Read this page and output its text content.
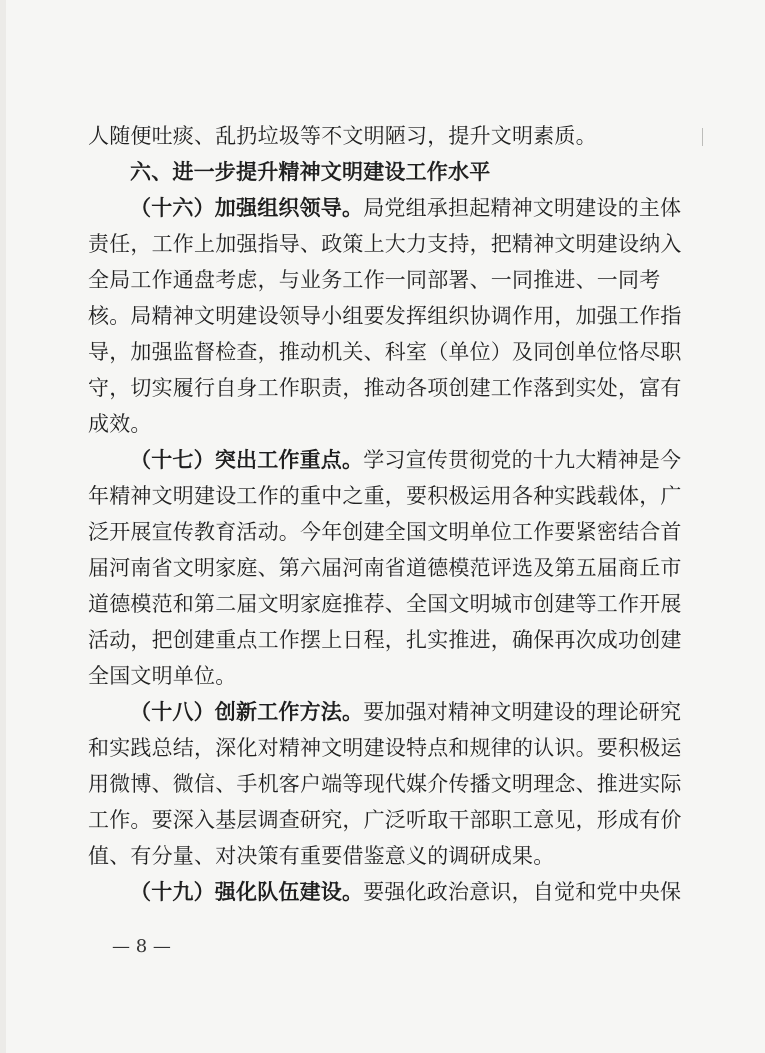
人随便吐痰、乱扔垃圾等不文明陋习，提升文明素质。
六、进一步提升精神文明建设工作水平
（十六）加强组织领导。局党组承担起精神文明建设的主体
责任，工作上加强指导、政策上大力支持，把精神文明建设纳入
全局工作通盘考虑，与业务工作一同部署、一同推进、一同考
核。局精神文明建设领导小组要发挥组织协调作用，加强工作指
导，加强监督检查，推动机关、科室（单位）及同创单位恪尽职
守，切实履行自身工作职责，推动各项创建工作落到实处，富有
成效。
（十七）突出工作重点。学习宣传贯彻党的十九大精神是今
年精神文明建设工作的重中之重，要积极运用各种实践载体，广
泛开展宣传教育活动。今年创建全国文明单位工作要紧密结合首
届河南省文明家庭、第六届河南省道德模范评选及第五届商丘市
道德模范和第二届文明家庭推荐、全国文明城市创建等工作开展
活动，把创建重点工作摆上日程，扎实推进，确保再次成功创建
全国文明单位。
（十八）创新工作方法。要加强对精神文明建设的理论研究
和实践总结，深化对精神文明建设特点和规律的认识。要积极运
用微博、微信、手机客户端等现代媒介传播文明理念、推进实际
工作。要深入基层调查研究，广泛听取干部职工意见，形成有价
值、有分量、对决策有重要借鉴意义的调研成果。
（十九）强化队伍建设。要强化政治意识，自觉和党中央保
— 8 —
